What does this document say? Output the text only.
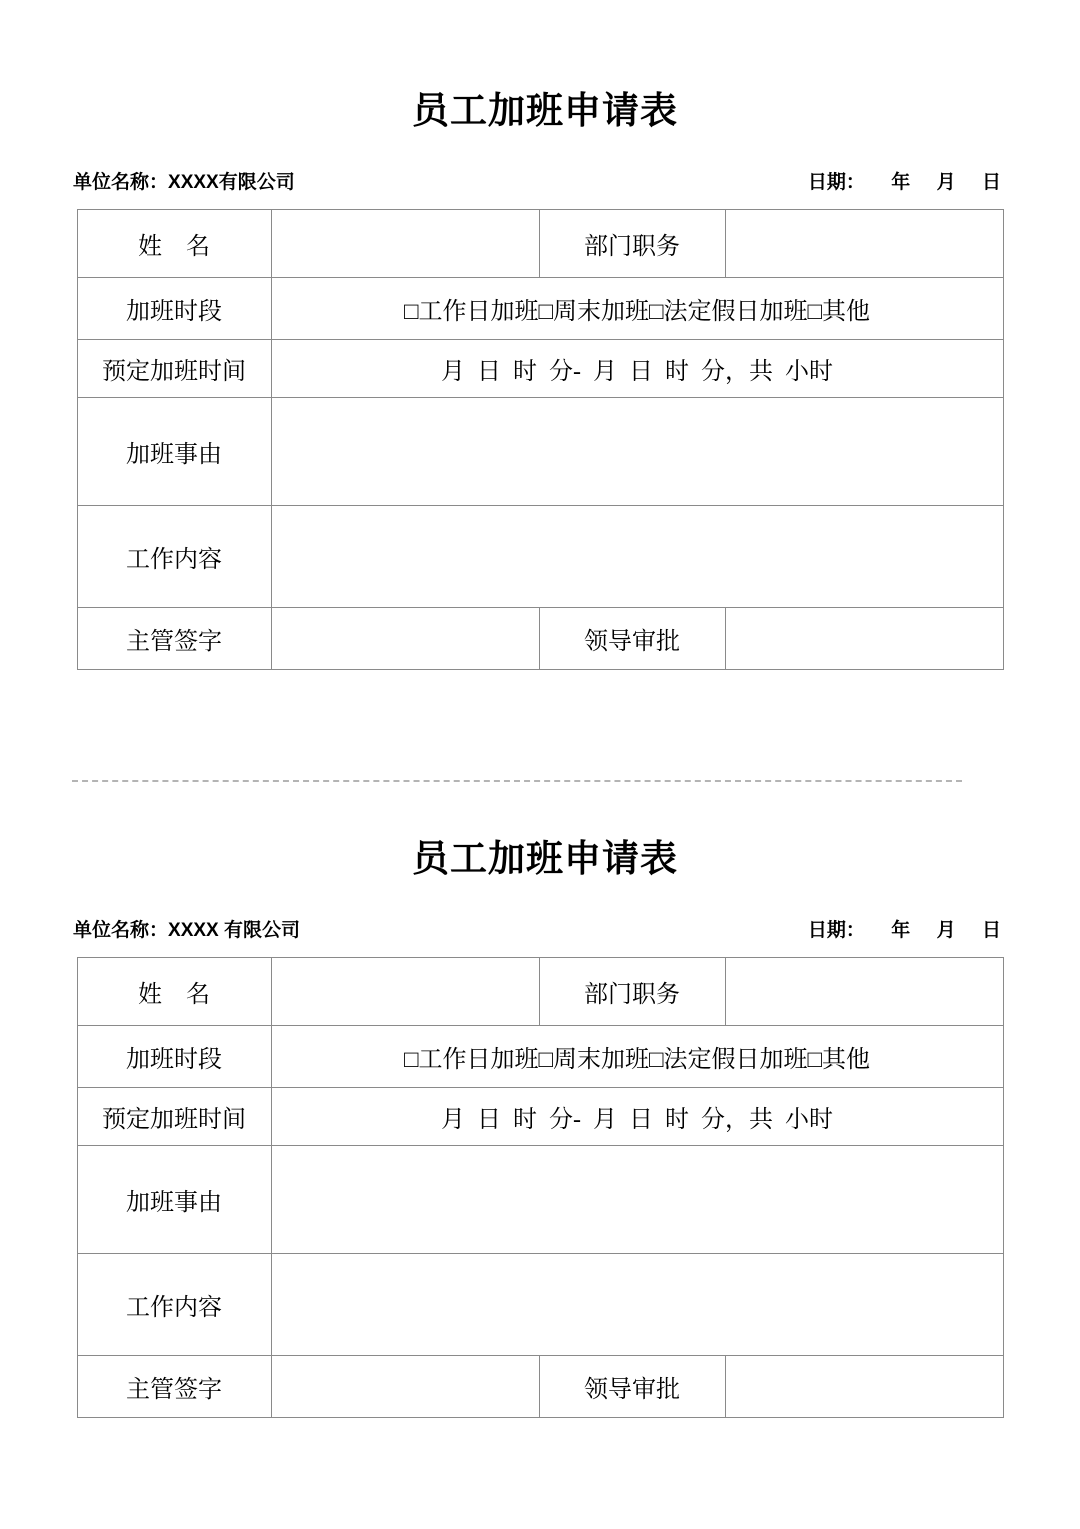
员工加班申请表
单位名称：XXXX有限公司	日期：     年     月     日
姓    名		部门职务	
加班时段	□工作日加班□周末加班□法定假日加班□其他		
预定加班时间	月  日  时  分-  月  日  时  分，共  小时		
加班事由			
工作内容			
主管签字		领导审批	
员工加班申请表
单位名称：XXXX 有限公司	日期：     年     月     日
姓    名		部门职务	
加班时段	□工作日加班□周末加班□法定假日加班□其他		
预定加班时间	月  日  时  分-  月  日  时  分，共  小时		
加班事由			
工作内容			
主管签字		领导审批	
